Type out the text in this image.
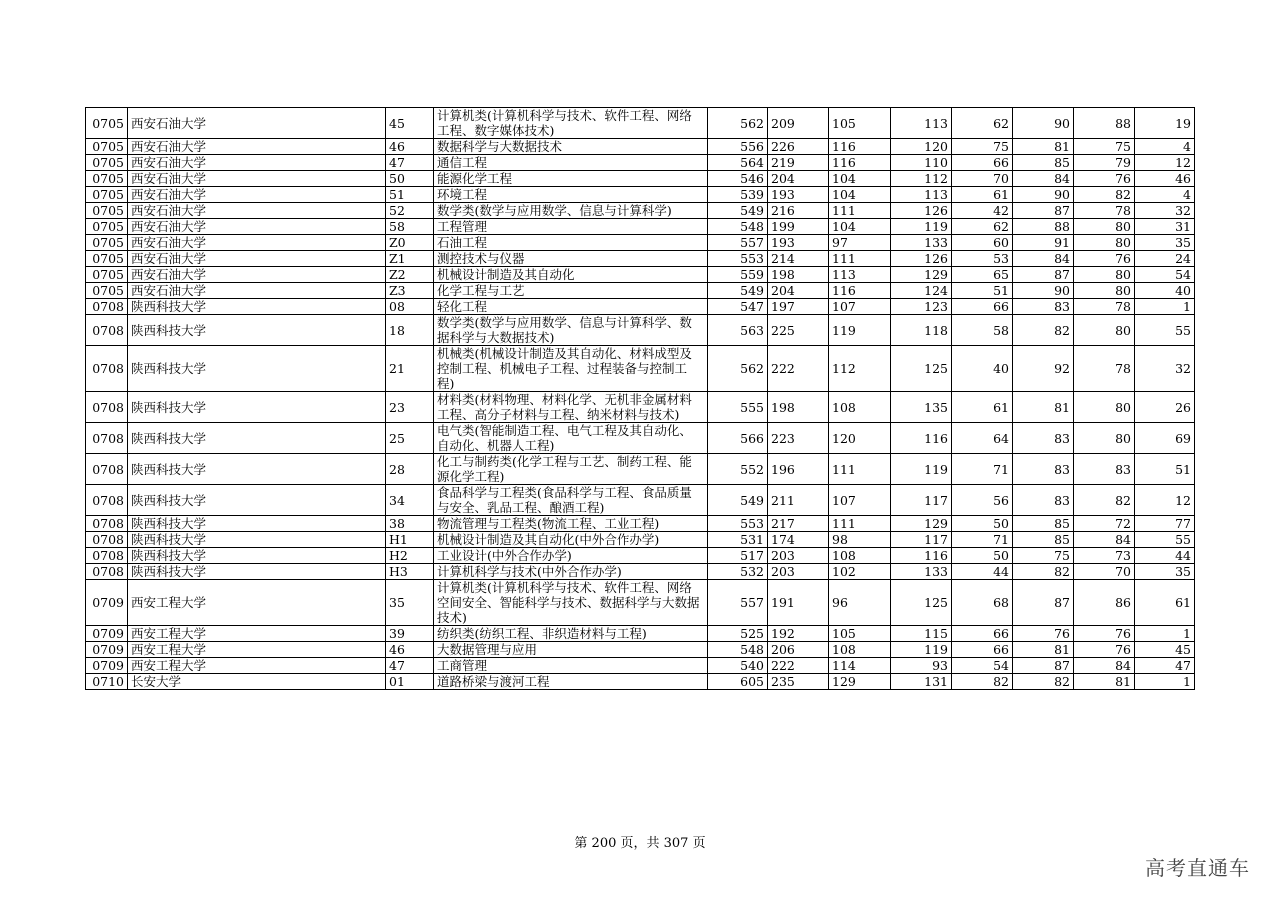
0705	西安石油大学	45	计算机类(计算机科学与技术、软件工程、网络工程、数字媒体技术)	562	209	105	113	62	90	88	19
0705	西安石油大学	46	数据科学与大数据技术	556	226	116	120	75	81	75	4
0705	西安石油大学	47	通信工程	564	219	116	110	66	85	79	12
0705	西安石油大学	50	能源化学工程	546	204	104	112	70	84	76	46
0705	西安石油大学	51	环境工程	539	193	104	113	61	90	82	4
0705	西安石油大学	52	数学类(数学与应用数学、信息与计算科学)	549	216	111	126	42	87	78	32
0705	西安石油大学	58	工程管理	548	199	104	119	62	88	80	31
0705	西安石油大学	Z0	石油工程	557	193	97	133	60	91	80	35
0705	西安石油大学	Z1	测控技术与仪器	553	214	111	126	53	84	76	24
0705	西安石油大学	Z2	机械设计制造及其自动化	559	198	113	129	65	87	80	54
0705	西安石油大学	Z3	化学工程与工艺	549	204	116	124	51	90	80	40
0708	陕西科技大学	08	轻化工程	547	197	107	123	66	83	78	1
0708	陕西科技大学	18	数学类(数学与应用数学、信息与计算科学、数据科学与大数据技术)	563	225	119	118	58	82	80	55
0708	陕西科技大学	21	机械类(机械设计制造及其自动化、材料成型及控制工程、机械电子工程、过程装备与控制工程)	562	222	112	125	40	92	78	32
0708	陕西科技大学	23	材料类(材料物理、材料化学、无机非金属材料工程、高分子材料与工程、纳米材料与技术)	555	198	108	135	61	81	80	26
0708	陕西科技大学	25	电气类(智能制造工程、电气工程及其自动化、自动化、机器人工程)	566	223	120	116	64	83	80	69
0708	陕西科技大学	28	化工与制药类(化学工程与工艺、制药工程、能源化学工程)	552	196	111	119	71	83	83	51
0708	陕西科技大学	34	食品科学与工程类(食品科学与工程、食品质量与安全、乳品工程、酿酒工程)	549	211	107	117	56	83	82	12
0708	陕西科技大学	38	物流管理与工程类(物流工程、工业工程)	553	217	111	129	50	85	72	77
0708	陕西科技大学	H1	机械设计制造及其自动化(中外合作办学)	531	174	98	117	71	85	84	55
0708	陕西科技大学	H2	工业设计(中外合作办学)	517	203	108	116	50	75	73	44
0708	陕西科技大学	H3	计算机科学与技术(中外合作办学)	532	203	102	133	44	82	70	35
0709	西安工程大学	35	计算机类(计算机科学与技术、软件工程、网络空间安全、智能科学与技术、数据科学与大数据技术)	557	191	96	125	68	87	86	61
0709	西安工程大学	39	纺织类(纺织工程、非织造材料与工程)	525	192	105	115	66	76	76	1
0709	西安工程大学	46	大数据管理与应用	548	206	108	119	66	81	76	45
0709	西安工程大学	47	工商管理	540	222	114	93	54	87	84	47
0710	长安大学	01	道路桥梁与渡河工程	605	235	129	131	82	82	81	1
第 200 页，共 307 页
高考直通车
